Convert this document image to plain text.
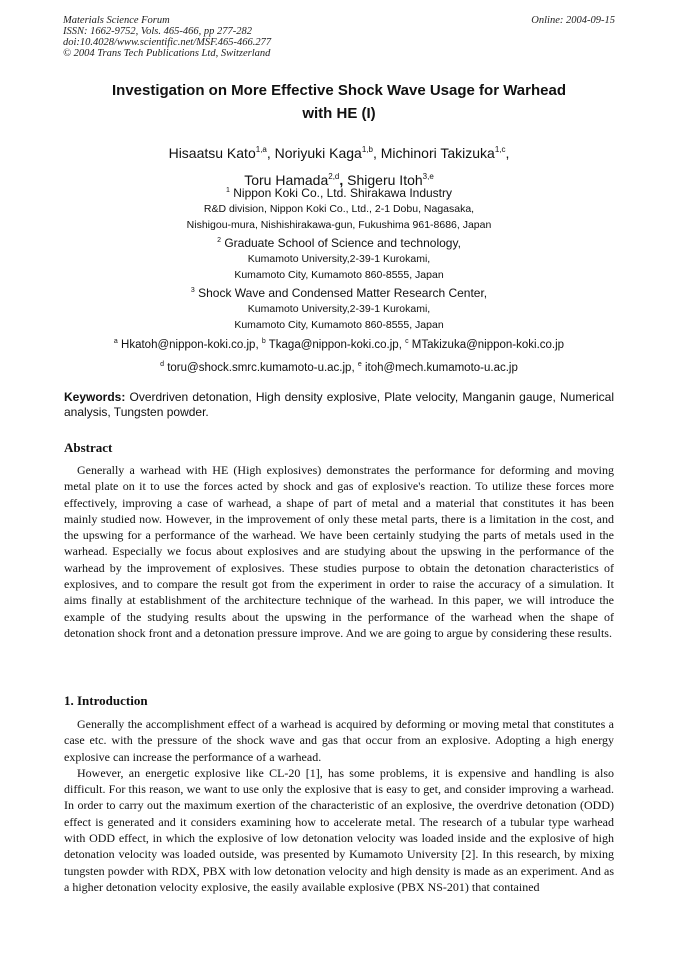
Materials Science Forum
ISSN: 1662-9752, Vols. 465-466, pp 277-282
doi:10.4028/www.scientific.net/MSF.465-466.277
© 2004 Trans Tech Publications Ltd, Switzerland
Online: 2004-09-15
Investigation on More Effective Shock Wave Usage for Warhead
with HE (I)
Hisaatsu Kato$^{1,a}$, Noriyuki Kaga$^{1,b}$, Michinori Takizuka$^{1,c}$,
Toru Hamada$^{2,d}$, Shigeru Itoh$^{3,e}$
$^1$ Nippon Koki Co., Ltd. Shirakawa Industry
R&D division, Nippon Koki Co., Ltd., 2-1 Dobu, Nagasaka,
Nishigou-mura, Nishishirakawa-gun, Fukushima 961-8686, Japan
$^2$ Graduate School of Science and technology,
Kumamoto University,2-39-1 Kurokami,
Kumamoto City, Kumamoto 860-8555, Japan
$^3$ Shock Wave and Condensed Matter Research Center,
Kumamoto University,2-39-1 Kurokami,
Kumamoto City, Kumamoto 860-8555, Japan
$^a$ Hkatoh@nippon-koki.co.jp, $^b$ Tkaga@nippon-koki.co.jp, $^c$ MTakizuka@nippon-koki.co.jp
$^d$ toru@shock.smrc.kumamoto-u.ac.jp, $^e$ itoh@mech.kumamoto-u.ac.jp
Keywords: Overdriven detonation, High density explosive, Plate velocity, Manganin gauge, Numerical analysis, Tungsten powder.
Abstract

Generally a warhead with HE (High explosives) demonstrates the performance for deforming and moving metal plate on it to use the forces acted by shock and gas of explosive's reaction. To utilize these forces more effectively, improving a case of warhead, a shape of part of metal and a material that constitutes it has been mainly studied now. However, in the improvement of only these metal parts, there is a limitation in the cost, and the upswing for a performance of the warhead. We have been certainly studying the parts of metals used in the warhead. Especially we focus about explosives and are studying about the upswing in the performance of the warhead by the improvement of explosives. These studies purpose to obtain the detonation characteristics of explosives, and to compare the result got from the experiment in order to raise the accuracy of a simulation. It aims finally at establishment of the architecture technique of the warhead. In this paper, we will introduce the example of the studying results about the upswing in the performance of the warhead when the shape of detonation shock front and a detonation pressure improve. And we are going to argue by considering these results.

1. Introduction

Generally the accomplishment effect of a warhead is acquired by deforming or moving metal that constitutes a case etc. with the pressure of the shock wave and gas that occur from an explosive. Adopting a high energy explosive can increase the performance of a warhead.

However, an energetic explosive like CL-20 [1], has some problems, it is expensive and handling is also difficult. For this reason, we want to use only the explosive that is easy to get, and consider improving a warhead. In order to carry out the maximum exertion of the characteristic of an explosive, the overdrive detonation (ODD) effect is generated and it considers examining how to accelerate metal. The research of a tubular type warhead with ODD effect, in which the explosive of low detonation velocity was loaded inside and the explosive of high detonation velocity was loaded outside, was presented by Kumamoto University [2]. In this research, by mixing tungsten powder with RDX, PBX with low detonation velocity and high density is made as an experiment. And as a higher detonation velocity explosive, the easily available explosive (PBX NS-201) that contained
